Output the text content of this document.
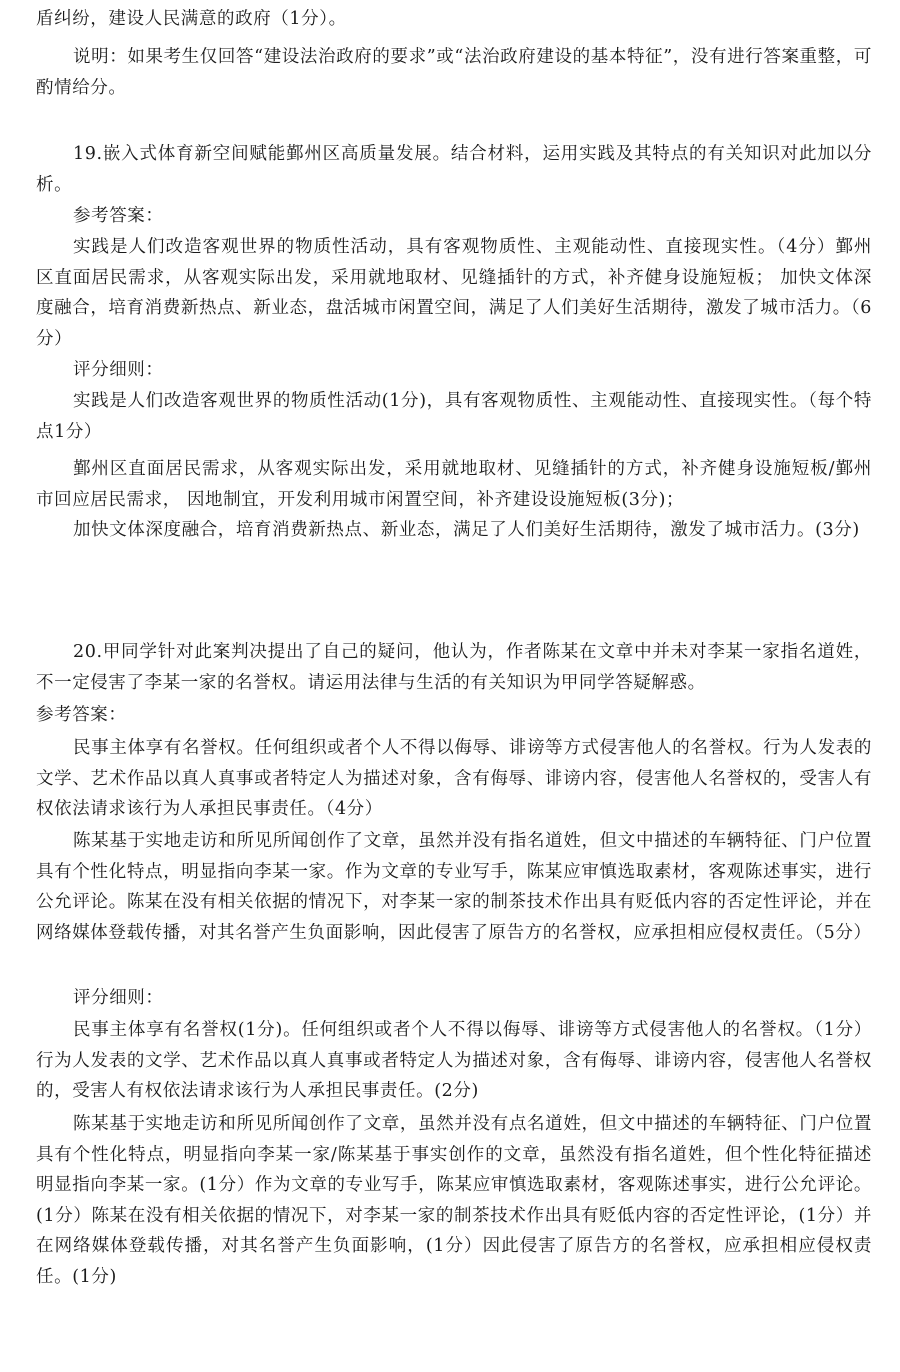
盾纠纷，建设人民满意的政府（1分）。

说明：如果考生仅回答“建设法治政府的要求”或“法治政府建设的基本特征”，没有进行答案重整，可酌情给分。

19.嵌入式体育新空间赋能鄞州区高质量发展。结合材料，运用实践及其特点的有关知识对此加以分析。

参考答案：

实践是人们改造客观世界的物质性活动，具有客观物质性、主观能动性、直接现实性。（4分）鄞州区直面居民需求，从客观实际出发，采用就地取材、见缝插针的方式，补齐健身设施短板； 加快文体深度融合，培育消费新热点、新业态，盘活城市闲置空间，满足了人们美好生活期待，激发了城市活力。（6分）

评分细则：

实践是人们改造客观世界的物质性活动(1分)，具有客观物质性、主观能动性、直接现实性。（每个特点1分）

鄞州区直面居民需求，从客观实际出发，采用就地取材、见缝插针的方式，补齐健身设施短板/鄞州市回应居民需求， 因地制宜，开发利用城市闲置空间，补齐建设设施短板(3分)；

加快文体深度融合，培育消费新热点、新业态，满足了人们美好生活期待，激发了城市活力。(3分)

20.甲同学针对此案判决提出了自己的疑问，他认为，作者陈某在文章中并未对李某一家指名道姓，不一定侵害了李某一家的名誉权。请运用法律与生活的有关知识为甲同学答疑解惑。

参考答案：

民事主体享有名誉权。任何组织或者个人不得以侮辱、诽谤等方式侵害他人的名誉权。行为人发表的文学、艺术作品以真人真事或者特定人为描述对象，含有侮辱、诽谤内容，侵害他人名誉权的，受害人有权依法请求该行为人承担民事责任。（4分）

陈某基于实地走访和所见所闻创作了文章，虽然并没有指名道姓，但文中描述的车辆特征、门户位置具有个性化特点，明显指向李某一家。作为文章的专业写手，陈某应审慎选取素材，客观陈述事实，进行公允评论。陈某在没有相关依据的情况下，对李某一家的制茶技术作出具有贬低内容的否定性评论，并在网络媒体登载传播，对其名誉产生负面影响，因此侵害了原告方的名誉权，应承担相应侵权责任。（5分）

评分细则：

民事主体享有名誉权(1分)。任何组织或者个人不得以侮辱、诽谤等方式侵害他人的名誉权。（1分）行为人发表的文学、艺术作品以真人真事或者特定人为描述对象，含有侮辱、诽谤内容，侵害他人名誉权的，受害人有权依法请求该行为人承担民事责任。(2分)

陈某基于实地走访和所见所闻创作了文章，虽然并没有点名道姓，但文中描述的车辆特征、门户位置具有个性化特点，明显指向李某一家/陈某基于事实创作的文章，虽然没有指名道姓，但个性化特征描述明显指向李某一家。(1分）作为文章的专业写手，陈某应审慎选取素材，客观陈述事实，进行公允评论。(1分）陈某在没有相关依据的情况下，对李某一家的制茶技术作出具有贬低内容的否定性评论，(1分）并在网络媒体登载传播，对其名誉产生负面影响，(1分）因此侵害了原告方的名誉权，应承担相应侵权责任。(1分)
